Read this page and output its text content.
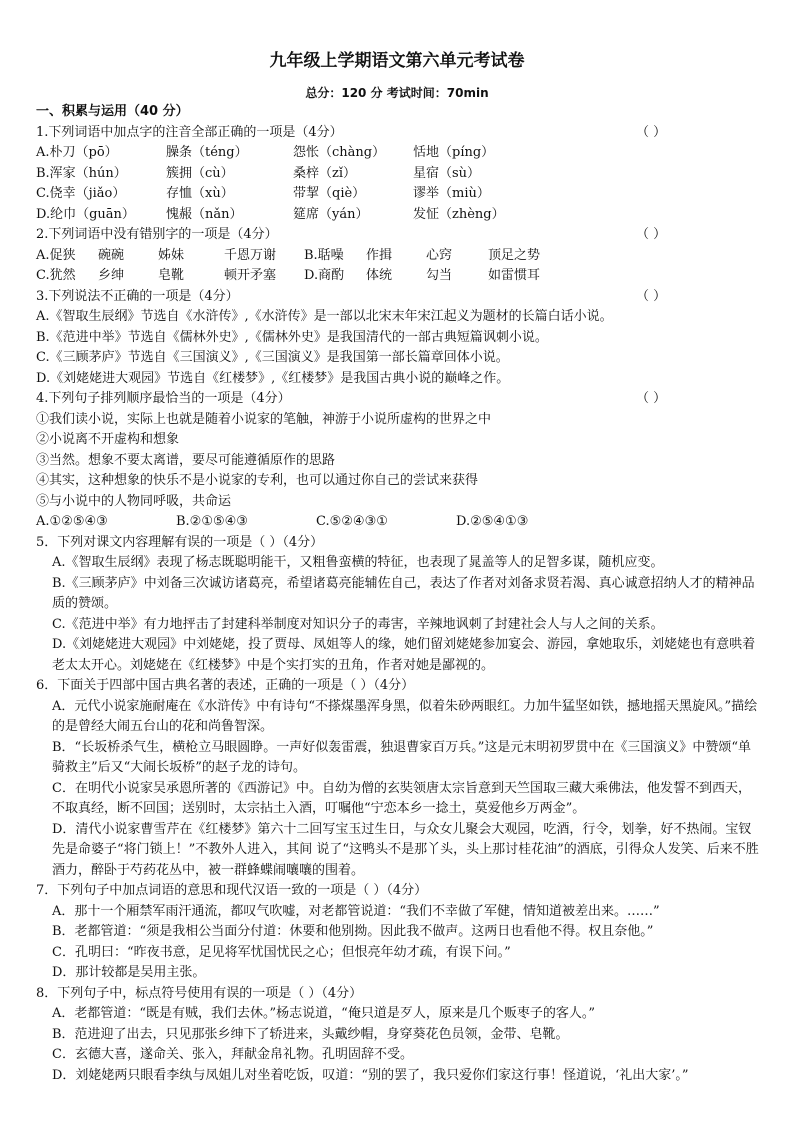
九年级上学期语文第六单元考试卷
总分：120 分 考试时间：70min
一、积累与运用（40 分）
1.下列词语中加点字的注音全部正确的一项是（4分）	（ ）
A.朴刀（pō）	臊条（téng）	怨怅（chàng）	恬地（píng）
B.浑家（hún）	簇拥（cù）	桑梓（zǐ）	星宿（sù）
C.侥幸（jiǎo）	存恤（xù）	带挈（qiè）	谬举（miù）
D.纶巾（guān）	愧赧（nǎn）	筵席（yán）	发怔（zhèng）
2.下列词语中没有错别字的一项是（4分）	（ ）
A.促狭	碗碗	姊妹	千恩万谢	B.聒噪	作揖	心窍	顶足之势
C.犹然	乡绅	皂靴	顿开矛塞	D.商酌	体统	勾当	如雷惯耳
3.下列说法不正确的一项是（4分）	（ ）
A.《智取生辰纲》节选自《水浒传》,《水浒传》是一部以北宋末年宋江起义为题材的长篇白话小说。
B.《范进中举》节选自《儒林外史》,《儒林外史》是我国清代的一部古典短篇讽刺小说。
C.《三顾茅庐》节选自《三国演义》,《三国演义》是我国第一部长篇章回体小说。
D.《刘姥姥进大观园》节选自《红楼梦》,《红楼梦》是我国古典小说的巅峰之作。
4.下列句子排列顺序最恰当的一项是（4分）	（ ）
①我们读小说，实际上也就是随着小说家的笔触，神游于小说所虚构的世界之中
②小说离不开虚构和想象
③当然。想象不要太离谱，要尽可能遵循原作的思路
④其实，这种想象的快乐不是小说家的专利，也可以通过你自己的尝试来获得
⑤与小说中的人物同呼吸，共命运
A.①②⑤④③	B.②①⑤④③	C.⑤②④③①	D.②⑤④①③
5．下列对课文内容理解有误的一项是（ ）（4分）
A.《智取生辰纲》表现了杨志既聪明能干，又粗鲁蛮横的特征，也表现了晁盖等人的足智多谋，随机应变。
B.《三顾茅庐》中刘备三次诚访诸葛亮，希望诸葛亮能辅佐自己，表达了作者对刘备求贤若渴、真心诚意招纳人才的精神品质的赞颂。
C.《范进中举》有力地抨击了封建科举制度对知识分子的毒害，辛辣地讽刺了封建社会人与人之间的关系。
D.《刘姥姥进大观园》中刘姥姥，投了贾母、凤姐等人的缘，她们留刘姥姥参加宴会、游园，拿她取乐，刘姥姥也有意哄着老太太开心。刘姥姥在《红楼梦》中是个实打实的丑角，作者对她是鄙视的。
6．下面关于四部中国古典名著的表述，正确的一项是（ ）（4分）
A．元代小说家施耐庵在《水浒传》中有诗句“不搽煤墨浑身黑，似着朱砂两眼红。力加牛猛坚如铁，撼地摇天黑旋风。”描绘的是曾经大闹五台山的花和尚鲁智深。
B．“长坂桥杀气生，横枪立马眼圆睁。一声好似轰雷震，独退曹家百万兵。”这是元末明初罗贯中在《三国演义》中赞颂“单骑救主”后又“大闹长坂桥”的赵子龙的诗句。
C．在明代小说家吴承恩所著的《西游记》中。自幼为僧的玄奘领唐太宗旨意到天竺国取三藏大乘佛法，他发誓不到西天，不取真经，断不回国；送别时，太宗拈土入酒，叮嘱他“宁恋本乡一捻土，莫爱他乡万两金”。
D．清代小说家曹雪芹在《红楼梦》第六十二回写宝玉过生日，与众女儿聚会大观园，吃酒，行令，划拳，好不热闹。宝钗先是命婆子“将门锁上！”不教外人进入，其间 说了“这鸭头不是那丫头，头上那讨桂花油”的酒底，引得众人发笑、后来不胜酒力，醉卧于芍药花丛中，被一群蜂蝶闹嚷嚷的围着。
7．下列句子中加点词语的意思和现代汉语一致的一项是（ ）（4分）
A．那十一个厢禁军雨汗通流，都叹气吹嘘，对老都管说道：“我们不幸做了军健，情知道被差出来。……”
B．老都管道：“须是我相公当面分付道：休要和他别拗。因此我不做声。这两日也看他不得。权且奈他。”
C．孔明曰：“昨夜书意，足见将军忧国忧民之心；但恨亮年幼才疏，有误下问。”
D．那计较都是吴用主张。
8．下列句子中，标点符号使用有误的一项是（ ）（4分）
A．老都管道：“既是有贼，我们去休。”杨志说道，“俺只道是歹人，原来是几个贩枣子的客人。”
B．范进迎了出去，只见那张乡绅下了轿进来，头戴纱帽，身穿葵花色员领，金带、皂靴。
C．玄德大喜，遂命关、张入，拜献金帛礼物。孔明固辞不受。
D．刘姥姥两只眼看李纨与凤姐儿对坐着吃饭，叹道：“别的罢了，我只爱你们家这行事！怪道说，‘礼出大家’。”
